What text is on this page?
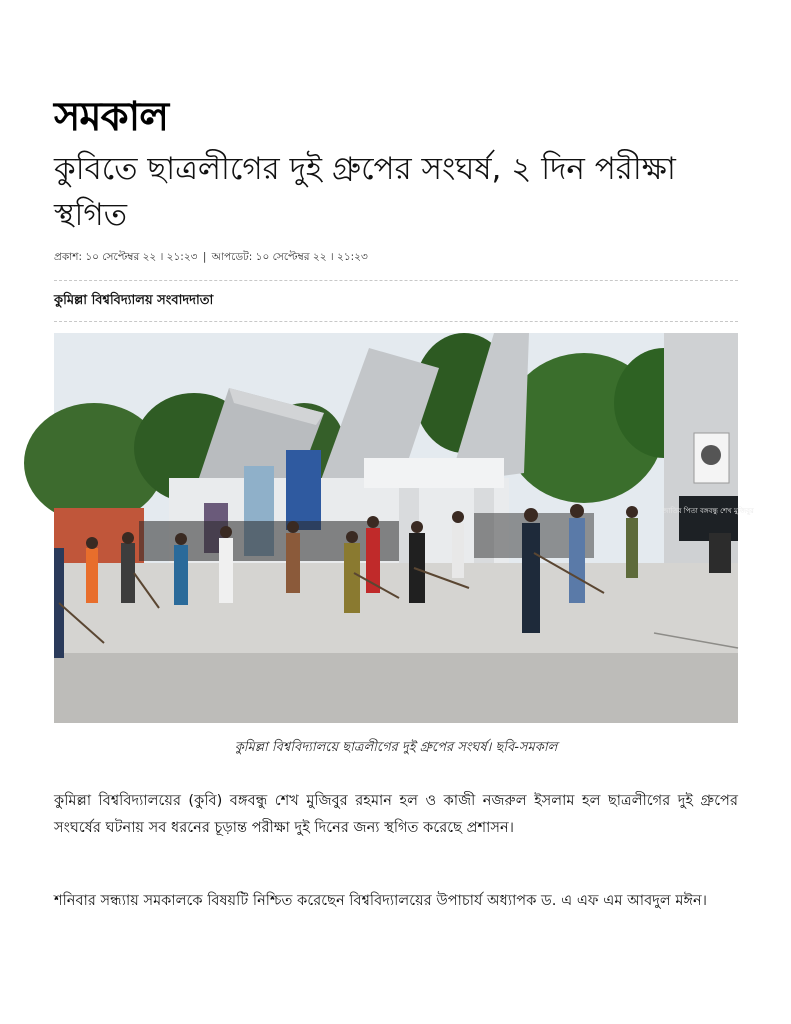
সমকাল
কুবিতে ছাত্রলীগের দুই গ্রুপের সংঘর্ষ, ২ দিন পরীক্ষা স্থগিত
প্রকাশ: ১০ সেপ্টেম্বর ২২ । ২১:২৩ | আপডেট: ১০ সেপ্টেম্বর ২২ । ২১:২৩
কুমিল্লা বিশ্ববিদ্যালয় সংবাদদাতা
জাতির পিতা বঙ্গবন্ধু শেখ মুজিবুর
কুমিল্লা বিশ্ববিদ্যালয়ে ছাত্রলীগের দুই গ্রুপের সংঘর্ষ। ছবি-সমকাল

কুমিল্লা বিশ্ববিদ্যালয়ের (কুবি) বঙ্গবন্ধু শেখ মুজিবুর রহমান হল ও কাজী নজরুল ইসলাম হল ছাত্রলীগের দুই গ্রুপের সংঘর্ষের ঘটনায় সব ধরনের চূড়ান্ত পরীক্ষা দুই দিনের জন্য স্থগিত করেছে প্রশাসন।

শনিবার সন্ধ্যায় সমকালকে বিষয়টি নিশ্চিত করেছেন বিশ্ববিদ্যালয়ের উপাচার্য অধ্যাপক ড. এ এফ এম আবদুল মঈন।
